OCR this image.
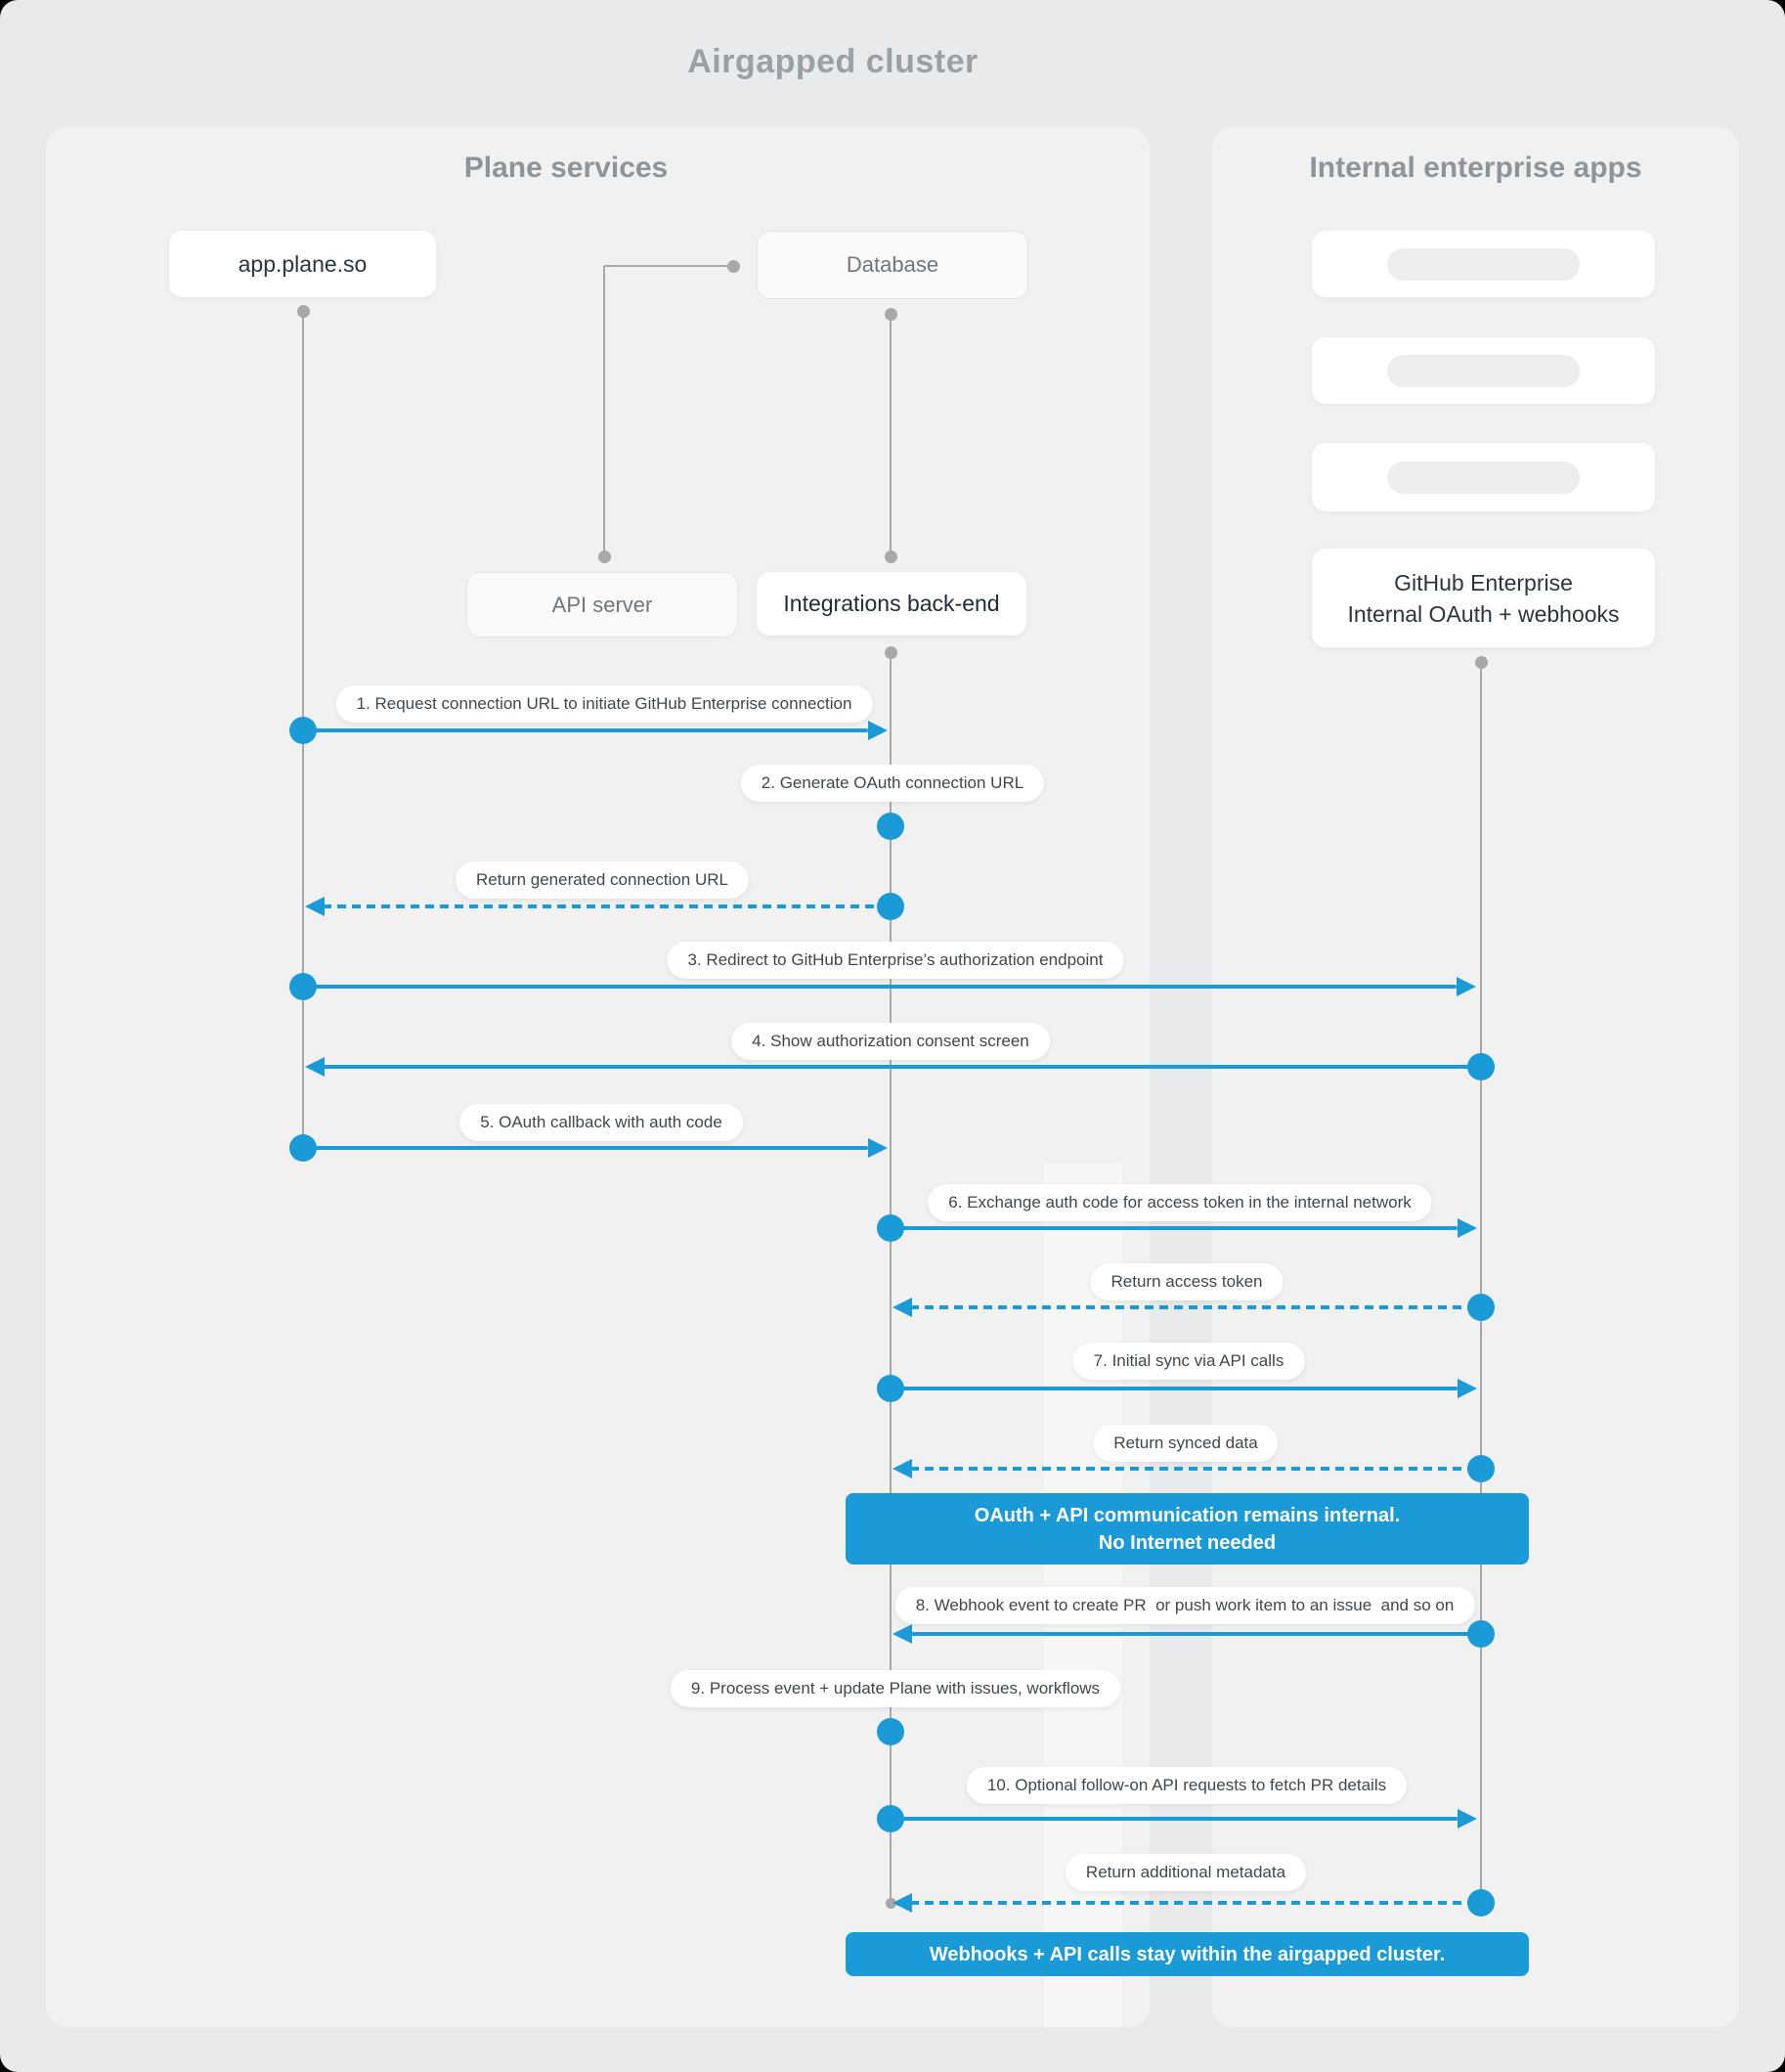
Airgapped cluster
Plane services	Internal enterprise apps
app.plane.so	Database
API server	Integrations back-end
GitHub Enterprise
Internal OAuth + webhooks
OAuth + API communication remains internal.
No Internet needed
Webhooks + API calls stay within the airgapped cluster.
1. Request connection URL to initiate GitHub Enterprise connection
2. Generate OAuth connection URL
Return generated connection URL
3. Redirect to GitHub Enterprise’s authorization endpoint
4. Show authorization consent screen
5. OAuth callback with auth code
6. Exchange auth code for access token in the internal network
Return access token
7. Initial sync via API calls
Return synced data
8. Webhook event to create PR  or push work item to an issue  and so on
9. Process event + update Plane with issues, workflows
10. Optional follow-on API requests to fetch PR details
Return additional metadata
